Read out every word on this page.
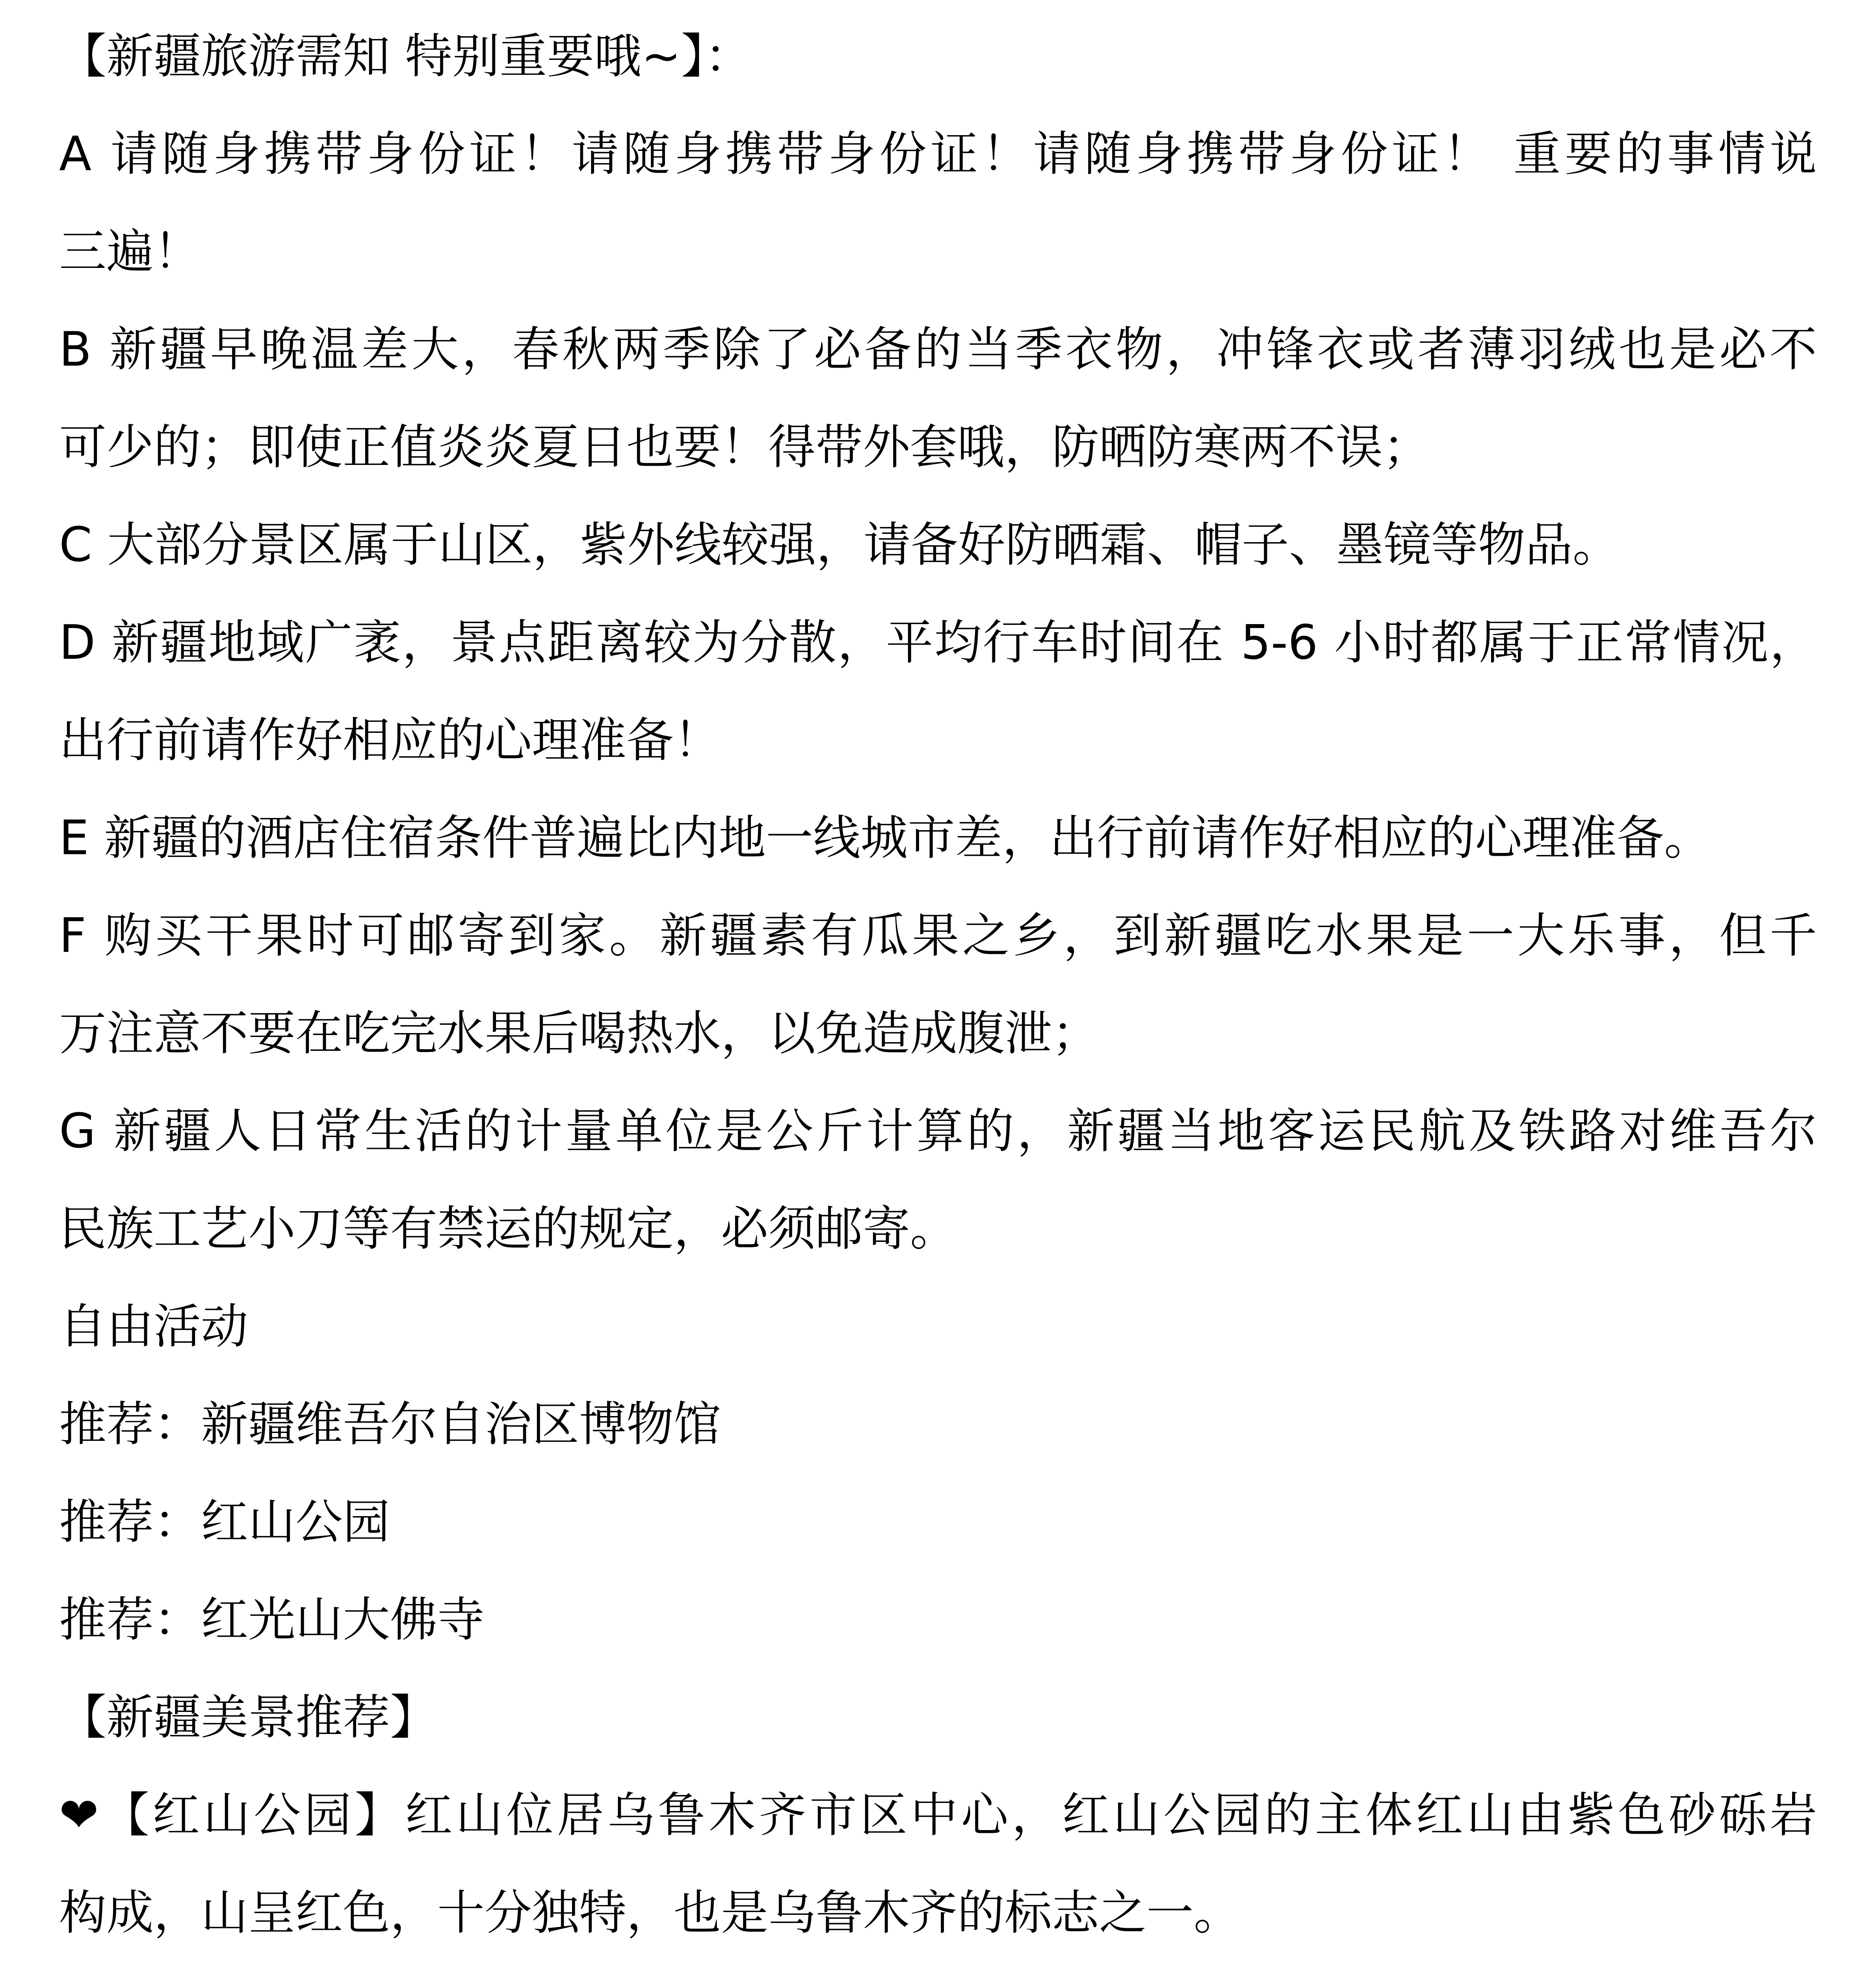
【新疆旅游需知 特别重要哦~】：
A 请随身携带身份证！请随身携带身份证！请随身携带身份证！ 重要的事情说
三遍！
B 新疆早晚温差大，春秋两季除了必备的当季衣物，冲锋衣或者薄羽绒也是必不
可少的；即使正值炎炎夏日也要！得带外套哦，防晒防寒两不误；
C 大部分景区属于山区，紫外线较强，请备好防晒霜、帽子、墨镜等物品。
D 新疆地域广袤，景点距离较为分散，平均行车时间在 5-6 小时都属于正常情况，
出行前请作好相应的心理准备！
E 新疆的酒店住宿条件普遍比内地一线城市差，出行前请作好相应的心理准备。
F 购买干果时可邮寄到家。新疆素有瓜果之乡，到新疆吃水果是一大乐事，但千
万注意不要在吃完水果后喝热水，以免造成腹泄；
G 新疆人日常生活的计量单位是公斤计算的，新疆当地客运民航及铁路对维吾尔
民族工艺小刀等有禁运的规定，必须邮寄。
自由活动
推荐：新疆维吾尔自治区博物馆
推荐：红山公园
推荐：红光山大佛寺
【新疆美景推荐】
❤【红山公园】红山位居乌鲁木齐市区中心，红山公园的主体红山由紫色砂砾岩
构成，山呈红色，十分独特，也是乌鲁木齐的标志之一。
